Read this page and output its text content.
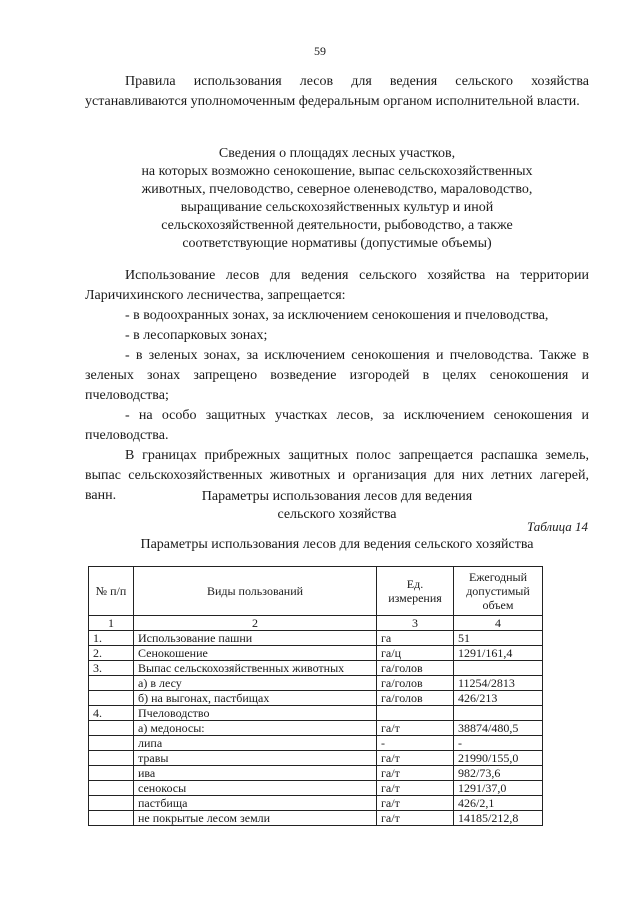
59

Правила использования лесов для ведения сельского хозяйства устанавливаются уполномоченным федеральным органом исполнительной власти.

Сведения о площадях лесных участков,
на которых возможно сенокошение, выпас сельскохозяйственных
животных, пчеловодство, северное оленеводство, мараловодство,
выращивание сельскохозяйственных культур и иной
сельскохозяйственной деятельности, рыбоводство, а также
соответствующие нормативы (допустимые объемы)

Использование лесов для ведения сельского хозяйства на территории Ларичихинского лесничества, запрещается:

- в водоохранных зонах, за исключением сенокошения и пчеловодства,

- в лесопарковых зонах;

- в зеленых зонах, за исключением сенокошения и пчеловодства. Также в зеленых зонах запрещено возведение изгородей в целях сенокошения и пчеловодства;

- на особо защитных участках лесов, за исключением сенокошения и пчеловодства.

В границах прибрежных защитных полос запрещается распашка земель, выпас сельскохозяйственных животных и организация для них летних лагерей, ванн.	Параметры использования лесов для ведения
сельского хозяйства
Таблица 14
Параметры использования лесов для ведения сельского хозяйства
№ п/п	Виды пользований	Ед. измерения	Ежегодный допустимый объем
1	2	3	4
1.	Использование пашни	га	51
2.	Сенокошение	га/ц	1291/161,4
3.	Выпас сельскохозяйственных животных	га/голов	
	а) в лесу	га/голов	11254/2813
	б) на выгонах, пастбищах	га/голов	426/213
4.	Пчеловодство		
	а) медоносы:	га/т	38874/480,5
	липа	-	-
	травы	га/т	21990/155,0
	ива	га/т	982/73,6
	сенокосы	га/т	1291/37,0
	пастбища	га/т	426/2,1
	не покрытые лесом земли	га/т	14185/212,8
